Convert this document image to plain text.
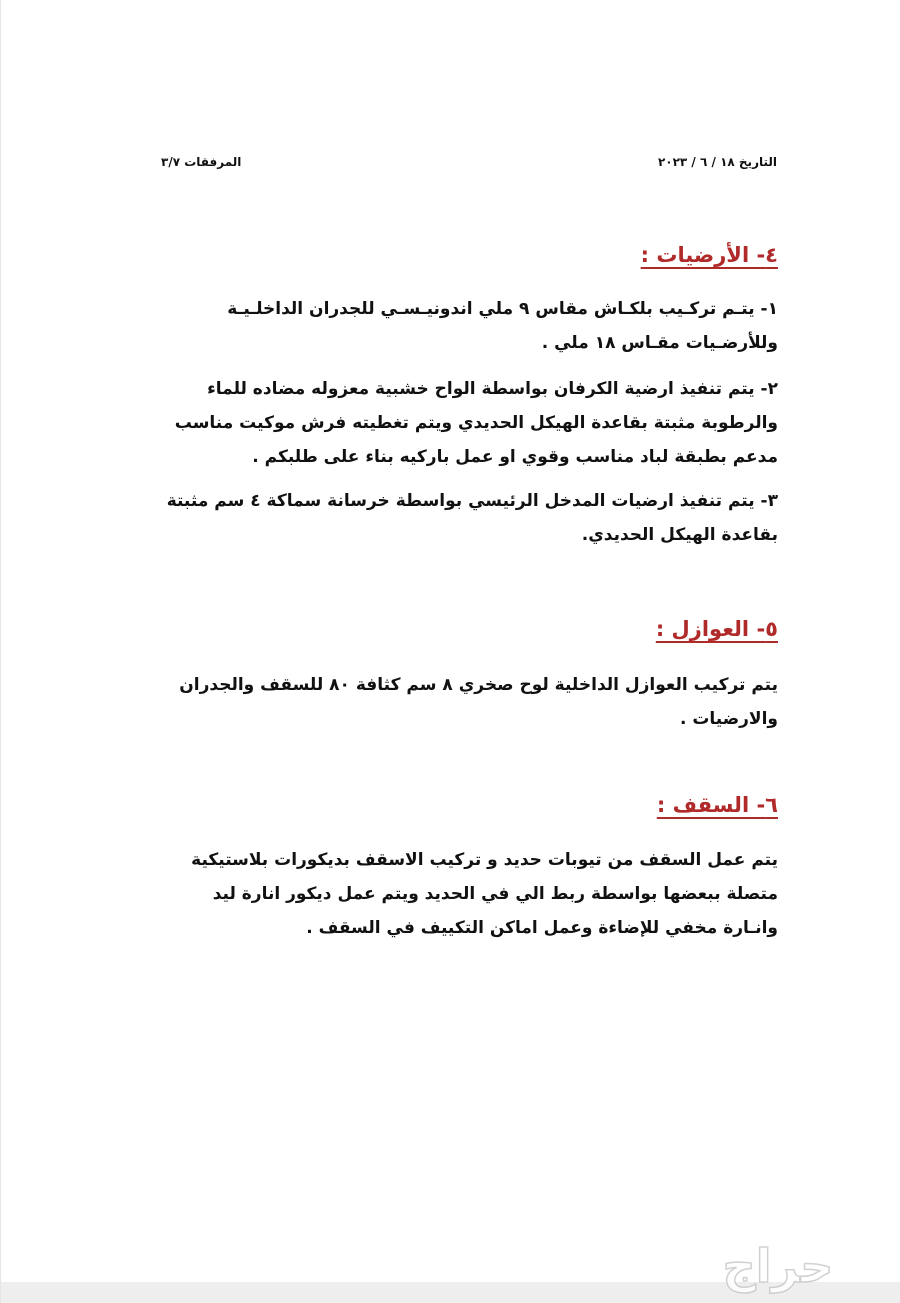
التاريخ ١٨ / ٦ / ٢٠٢٣
المرفقات ٣/٧
٤- الأرضيات :

١- يتـم تركـيب بلكـاش مقاس ٩ ملي اندونيـسـي للجدران الداخلـيـة وللأرضـيات مقـاس ١٨ ملي .

٢- يتم تنفيذ ارضية الكرفان بواسطة الواح خشبية معزوله مضاده للماء والرطوبة مثبتة بقاعدة الهيكل الحديدي ويتم تغطيته فرش موكيت مناسب مدعم بطبقة لباد مناسب وقوي او عمل باركيه بناء على طلبكم .

٣- يتم تنفيذ ارضيات المدخل الرئيسي بواسطة خرسانة سماكة ٤ سم مثبتة بقاعدة الهيكل الحديدي.

٥- العوازل :

يتم تركيب العوازل الداخلية لوح صخري ٨ سم كثافة ٨٠ للسقف والجدران والارضيات .

٦- السقف :

يتم عمل السقف من تيوبات حديد و تركيب الاسقف بديكورات بلاستيكية متصلة ببعضها بواسطة ربط الي في الحديد ويتم عمل ديكور انارة ليد وانـارة مخفي للإضاءة وعمل اماكن التكييف في السقف .

حراج
